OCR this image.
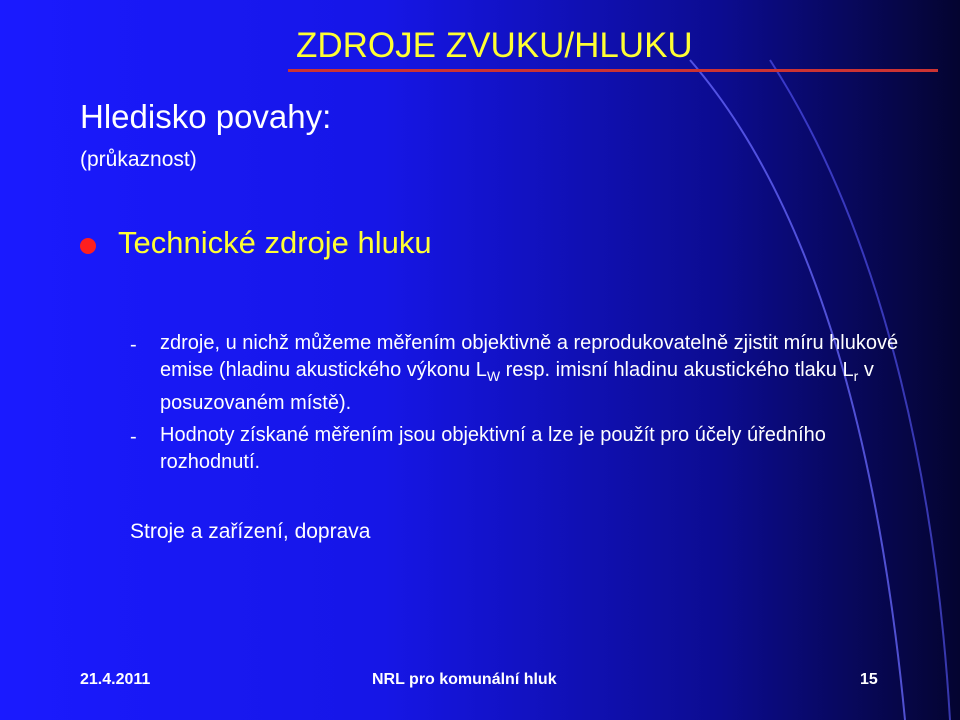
ZDROJE ZVUKU/HLUKU
Hledisko povahy:
(průkaznost)
Technické zdroje hluku
- zdroje, u nichž můžeme měřením objektivně a reprodukovatelně zjistit míru hlukové emise (hladinu akustického výkonu $L_W$ resp. imisní hladinu akustického tlaku $L_r$ v posuzovaném místě).
- Hodnoty získané měřením jsou objektivní a lze je použít pro účely úředního rozhodnutí.
Stroje a zařízení, doprava
21.4.2011	NRL pro komunální hluk	15
